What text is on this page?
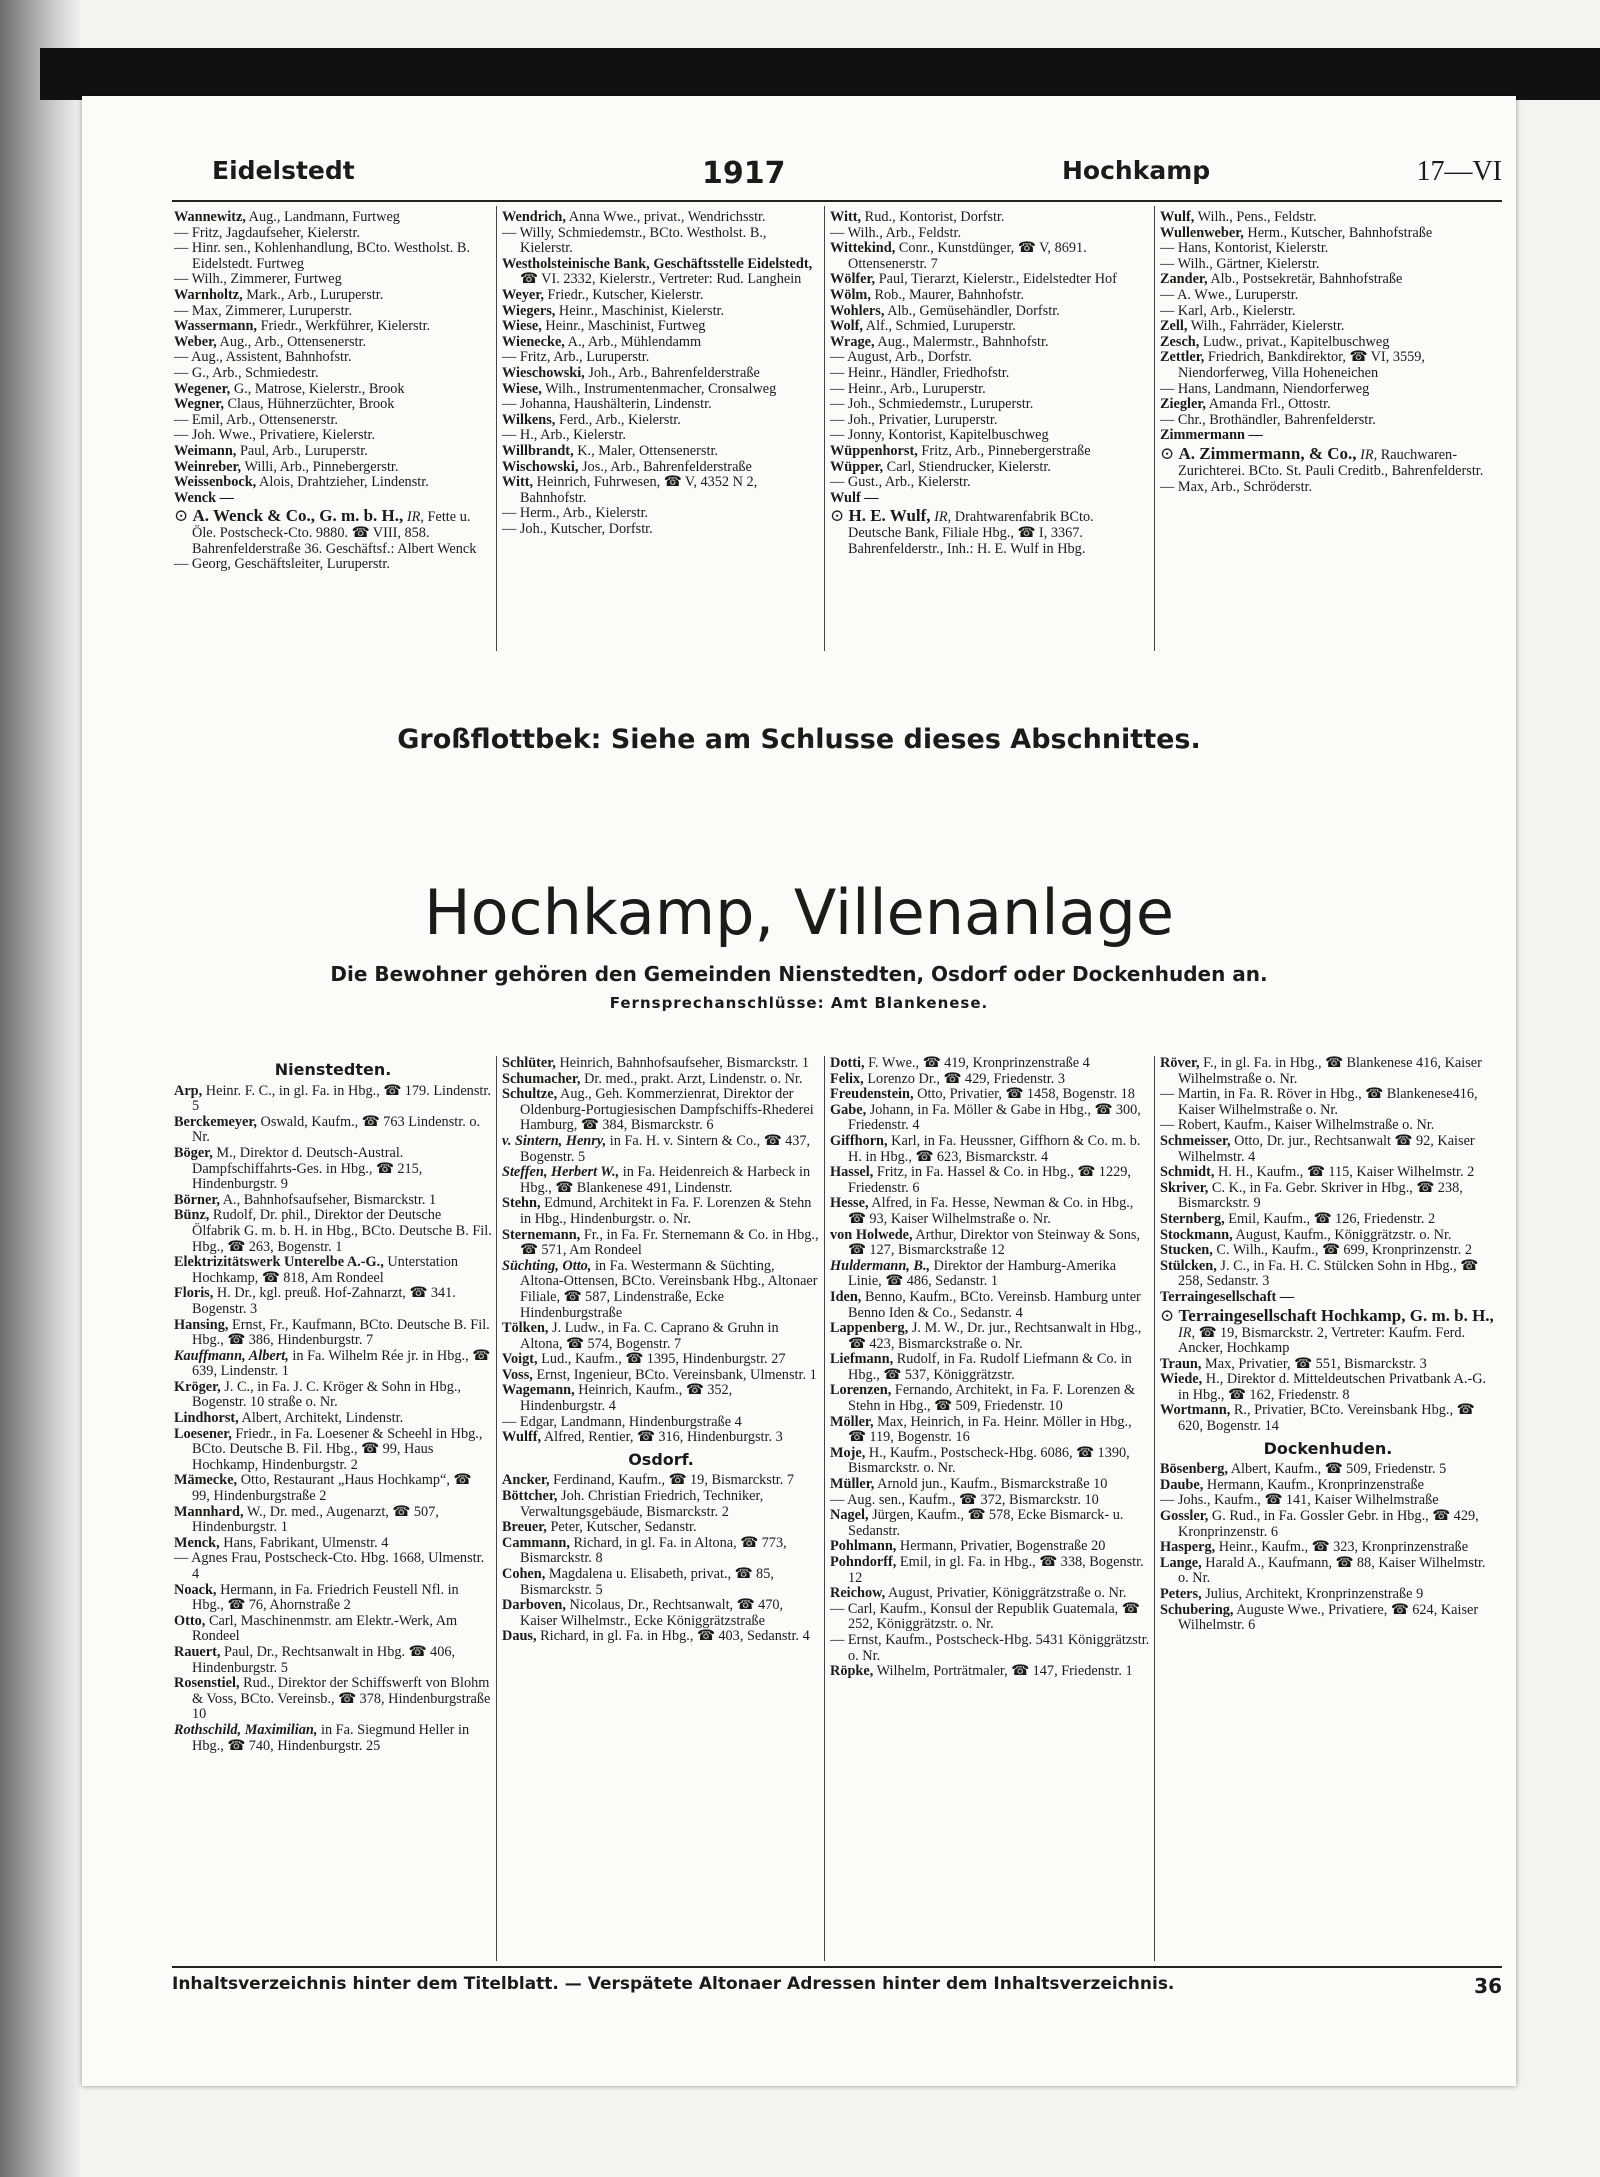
Eidelstedt	1917	Hochkamp	17—VI

Wannewitz, Aug., Landmann, Furtweg

— Fritz, Jagdaufseher, Kielerstr.

— Hinr. sen., Kohlenhandlung, BCto. Westholst. B. Eidelstedt. Furtweg

— Wilh., Zimmerer, Furtweg

Warnholtz, Mark., Arb., Luruperstr.

— Max, Zimmerer, Luruperstr.

Wassermann, Friedr., Werkführer, Kielerstr.

Weber, Aug., Arb., Ottensenerstr.

— Aug., Assistent, Bahnhofstr.

— G., Arb., Schmiedestr.

Wegener, G., Matrose, Kielerstr., Brook

Wegner, Claus, Hühnerzüchter, Brook

— Emil, Arb., Ottensenerstr.

— Joh. Wwe., Privatiere, Kielerstr.

Weimann, Paul, Arb., Luruperstr.

Weinreber, Willi, Arb., Pinnebergerstr.

Weissenbock, Alois, Drahtzieher, Lindenstr.

Wenck —

⊙ A. Wenck & Co., G. m. b. H., IR, Fette u. Öle. Postscheck-Cto. 9880. ☎ VIII, 858. Bahrenfelderstraße 36. Geschäftsf.: Albert Wenck

— Georg, Geschäftsleiter, Luruperstr.

Wendrich, Anna Wwe., privat., Wendrichsstr.

— Willy, Schmiedemstr., BCto. Westholst. B., Kielerstr.

Westholsteinische Bank, Geschäftsstelle Eidelstedt, ☎ VI. 2332, Kielerstr., Vertreter: Rud. Langhein

Weyer, Friedr., Kutscher, Kielerstr.

Wiegers, Heinr., Maschinist, Kielerstr.

Wiese, Heinr., Maschinist, Furtweg

Wienecke, A., Arb., Mühlendamm

— Fritz, Arb., Luruperstr.

Wieschowski, Joh., Arb., Bahrenfelderstraße

Wiese, Wilh., Instrumentenmacher, Cronsalweg

— Johanna, Haushälterin, Lindenstr.

Wilkens, Ferd., Arb., Kielerstr.

— H., Arb., Kielerstr.

Willbrandt, K., Maler, Ottensenerstr.

Wischowski, Jos., Arb., Bahrenfelderstraße

Witt, Heinrich, Fuhrwesen, ☎ V, 4352 N 2, Bahnhofstr.

— Herm., Arb., Kielerstr.

— Joh., Kutscher, Dorfstr.

Witt, Rud., Kontorist, Dorfstr.

— Wilh., Arb., Feldstr.

Wittekind, Conr., Kunstdünger, ☎ V, 8691. Ottensenerstr. 7

Wölfer, Paul, Tierarzt, Kielerstr., Eidelstedter Hof

Wölm, Rob., Maurer, Bahnhofstr.

Wohlers, Alb., Gemüsehändler, Dorfstr.

Wolf, Alf., Schmied, Luruperstr.

Wrage, Aug., Malermstr., Bahnhofstr.

— August, Arb., Dorfstr.

— Heinr., Händler, Friedhofstr.

— Heinr., Arb., Luruperstr.

— Joh., Schmiedemstr., Luruperstr.

— Joh., Privatier, Luruperstr.

— Jonny, Kontorist, Kapitelbuschweg

Wüppenhorst, Fritz, Arb., Pinnebergerstraße

Wüpper, Carl, Stiendrucker, Kielerstr.

— Gust., Arb., Kielerstr.

Wulf —

⊙ H. E. Wulf, IR, Drahtwarenfabrik BCto. Deutsche Bank, Filiale Hbg., ☎ I, 3367. Bahrenfelderstr., Inh.: H. E. Wulf in Hbg.

Wulf, Wilh., Pens., Feldstr.

Wullenweber, Herm., Kutscher, Bahnhofstraße

— Hans, Kontorist, Kielerstr.

— Wilh., Gärtner, Kielerstr.

Zander, Alb., Postsekretär, Bahnhofstraße

— A. Wwe., Luruperstr.

— Karl, Arb., Kielerstr.

Zell, Wilh., Fahrräder, Kielerstr.

Zesch, Ludw., privat., Kapitelbuschweg

Zettler, Friedrich, Bankdirektor, ☎ VI, 3559, Niendorferweg, Villa Hoheneichen

— Hans, Landmann, Niendorferweg

Ziegler, Amanda Frl., Ottostr.

— Chr., Brothändler, Bahrenfelderstr.

Zimmermann —

⊙ A. Zimmermann, & Co., IR, Rauchwaren-Zurichterei. BCto. St. Pauli Creditb., Bahrenfelderstr.

— Max, Arb., Schröderstr.

Großflottbek: Siehe am Schlusse dieses Abschnittes.
Hochkamp, Villenanlage
Die Bewohner gehören den Gemeinden Nienstedten, Osdorf oder Dockenhuden an.
Fernsprechanschlüsse: Amt Blankenese.

Nienstedten.

Arp, Heinr. F. C., in gl. Fa. in Hbg., ☎ 179. Lindenstr. 5

Berckemeyer, Oswald, Kaufm., ☎ 763 Lindenstr. o. Nr.

Böger, M., Direktor d. Deutsch-Austral. Dampfschiffahrts-Ges. in Hbg., ☎ 215, Hindenburgstr. 9

Börner, A., Bahnhofsaufseher, Bismarckstr. 1

Bünz, Rudolf, Dr. phil., Direktor der Deutsche Ölfabrik G. m. b. H. in Hbg., BCto. Deutsche B. Fil. Hbg., ☎ 263, Bogenstr. 1

Elektrizitätswerk Unterelbe A.-G., Unterstation Hochkamp, ☎ 818, Am Rondeel

Floris, H. Dr., kgl. preuß. Hof-Zahnarzt, ☎ 341. Bogenstr. 3

Hansing, Ernst, Fr., Kaufmann, BCto. Deutsche B. Fil. Hbg., ☎ 386, Hindenburgstr. 7

Kauffmann, Albert, in Fa. Wilhelm Rée jr. in Hbg., ☎ 639, Lindenstr. 1

Kröger, J. C., in Fa. J. C. Kröger & Sohn in Hbg., Bogenstr. 10 straße o. Nr.

Lindhorst, Albert, Architekt, Lindenstr.

Loesener, Friedr., in Fa. Loesener & Scheehl in Hbg., BCto. Deutsche B. Fil. Hbg., ☎ 99, Haus Hochkamp, Hindenburgstr. 2

Mämecke, Otto, Restaurant „Haus Hochkamp“, ☎ 99, Hindenburgstraße 2

Mannhard, W., Dr. med., Augenarzt, ☎ 507, Hindenburgstr. 1

Menck, Hans, Fabrikant, Ulmenstr. 4

— Agnes Frau, Postscheck-Cto. Hbg. 1668, Ulmenstr. 4

Noack, Hermann, in Fa. Friedrich Feustell Nfl. in Hbg., ☎ 76, Ahornstraße 2

Otto, Carl, Maschinenmstr. am Elektr.-Werk, Am Rondeel

Rauert, Paul, Dr., Rechtsanwalt in Hbg. ☎ 406, Hindenburgstr. 5

Rosenstiel, Rud., Direktor der Schiffswerft von Blohm & Voss, BCto. Vereinsb., ☎ 378, Hindenburgstraße 10

Rothschild, Maximilian, in Fa. Siegmund Heller in Hbg., ☎ 740, Hindenburgstr. 25

Schlüter, Heinrich, Bahnhofsaufseher, Bismarckstr. 1

Schumacher, Dr. med., prakt. Arzt, Lindenstr. o. Nr.

Schultze, Aug., Geh. Kommerzienrat, Direktor der Oldenburg-Portugiesischen Dampfschiffs-Rhederei Hamburg, ☎ 384, Bismarckstr. 6

v. Sintern, Henry, in Fa. H. v. Sintern & Co., ☎ 437, Bogenstr. 5

Steffen, Herbert W., in Fa. Heidenreich & Harbeck in Hbg., ☎ Blankenese 491, Lindenstr.

Stehn, Edmund, Architekt in Fa. F. Lorenzen & Stehn in Hbg., Hindenburgstr. o. Nr.

Sternemann, Fr., in Fa. Fr. Sternemann & Co. in Hbg., ☎ 571, Am Rondeel

Süchting, Otto, in Fa. Westermann & Süchting, Altona-Ottensen, BCto. Vereinsbank Hbg., Altonaer Filiale, ☎ 587, Lindenstraße, Ecke Hindenburgstraße

Tölken, J. Ludw., in Fa. C. Caprano & Gruhn in Altona, ☎ 574, Bogenstr. 7

Voigt, Lud., Kaufm., ☎ 1395, Hindenburgstr. 27

Voss, Ernst, Ingenieur, BCto. Vereinsbank, Ulmenstr. 1

Wagemann, Heinrich, Kaufm., ☎ 352, Hindenburgstr. 4

— Edgar, Landmann, Hindenburgstraße 4

Wulff, Alfred, Rentier, ☎ 316, Hindenburgstr. 3

Osdorf.

Ancker, Ferdinand, Kaufm., ☎ 19, Bismarckstr. 7

Böttcher, Joh. Christian Friedrich, Techniker, Verwaltungsgebäude, Bismarckstr. 2

Breuer, Peter, Kutscher, Sedanstr.

Cammann, Richard, in gl. Fa. in Altona, ☎ 773, Bismarckstr. 8

Cohen, Magdalena u. Elisabeth, privat., ☎ 85, Bismarckstr. 5

Darboven, Nicolaus, Dr., Rechtsanwalt, ☎ 470, Kaiser Wilhelmstr., Ecke Königgrätzstraße

Daus, Richard, in gl. Fa. in Hbg., ☎ 403, Sedanstr. 4

Dotti, F. Wwe., ☎ 419, Kronprinzenstraße 4

Felix, Lorenzo Dr., ☎ 429, Friedenstr. 3

Freudenstein, Otto, Privatier, ☎ 1458, Bogenstr. 18

Gabe, Johann, in Fa. Möller & Gabe in Hbg., ☎ 300, Friedenstr. 4

Giffhorn, Karl, in Fa. Heussner, Giffhorn & Co. m. b. H. in Hbg., ☎ 623, Bismarckstr. 4

Hassel, Fritz, in Fa. Hassel & Co. in Hbg., ☎ 1229, Friedenstr. 6

Hesse, Alfred, in Fa. Hesse, Newman & Co. in Hbg., ☎ 93, Kaiser Wilhelmstraße o. Nr.

von Holwede, Arthur, Direktor von Steinway & Sons, ☎ 127, Bismarckstraße 12

Huldermann, B., Direktor der Hamburg-Amerika Linie, ☎ 486, Sedanstr. 1

Iden, Benno, Kaufm., BCto. Vereinsb. Hamburg unter Benno Iden & Co., Sedanstr. 4

Lappenberg, J. M. W., Dr. jur., Rechtsanwalt in Hbg., ☎ 423, Bismarckstraße o. Nr.

Liefmann, Rudolf, in Fa. Rudolf Liefmann & Co. in Hbg., ☎ 537, Königgrätzstr.

Lorenzen, Fernando, Architekt, in Fa. F. Lorenzen & Stehn in Hbg., ☎ 509, Friedenstr. 10

Möller, Max, Heinrich, in Fa. Heinr. Möller in Hbg., ☎ 119, Bogenstr. 16

Moje, H., Kaufm., Postscheck-Hbg. 6086, ☎ 1390, Bismarckstr. o. Nr.

Müller, Arnold jun., Kaufm., Bismarckstraße 10

— Aug. sen., Kaufm., ☎ 372, Bismarckstr. 10

Nagel, Jürgen, Kaufm., ☎ 578, Ecke Bismarck- u. Sedanstr.

Pohlmann, Hermann, Privatier, Bogenstraße 20

Pohndorff, Emil, in gl. Fa. in Hbg., ☎ 338, Bogenstr. 12

Reichow, August, Privatier, Königgrätzstraße o. Nr.

— Carl, Kaufm., Konsul der Republik Guatemala, ☎ 252, Königgrätzstr. o. Nr.

— Ernst, Kaufm., Postscheck-Hbg. 5431 Königgrätzstr. o. Nr.

Röpke, Wilhelm, Porträtmaler, ☎ 147, Friedenstr. 1

Röver, F., in gl. Fa. in Hbg., ☎ Blankenese 416, Kaiser Wilhelmstraße o. Nr.

— Martin, in Fa. R. Röver in Hbg., ☎ Blankenese416, Kaiser Wilhelmstraße o. Nr.

— Robert, Kaufm., Kaiser Wilhelmstraße o. Nr.

Schmeisser, Otto, Dr. jur., Rechtsanwalt ☎ 92, Kaiser Wilhelmstr. 4

Schmidt, H. H., Kaufm., ☎ 115, Kaiser Wilhelmstr. 2

Skriver, C. K., in Fa. Gebr. Skriver in Hbg., ☎ 238, Bismarckstr. 9

Sternberg, Emil, Kaufm., ☎ 126, Friedenstr. 2

Stockmann, August, Kaufm., Königgrätzstr. o. Nr.

Stucken, C. Wilh., Kaufm., ☎ 699, Kronprinzenstr. 2

Stülcken, J. C., in Fa. H. C. Stülcken Sohn in Hbg., ☎ 258, Sedanstr. 3

Terraingesellschaft —

⊙ Terraingesellschaft Hochkamp, G. m. b. H., IR, ☎ 19, Bismarckstr. 2, Vertreter: Kaufm. Ferd. Ancker, Hochkamp

Traun, Max, Privatier, ☎ 551, Bismarckstr. 3

Wiede, H., Direktor d. Mitteldeutschen Privatbank A.-G. in Hbg., ☎ 162, Friedenstr. 8

Wortmann, R., Privatier, BCto. Vereinsbank Hbg., ☎ 620, Bogenstr. 14

Dockenhuden.

Bösenberg, Albert, Kaufm., ☎ 509, Friedenstr. 5

Daube, Hermann, Kaufm., Kronprinzenstraße

— Johs., Kaufm., ☎ 141, Kaiser Wilhelmstraße

Gossler, G. Rud., in Fa. Gossler Gebr. in Hbg., ☎ 429, Kronprinzenstr. 6

Hasperg, Heinr., Kaufm., ☎ 323, Kronprinzenstraße

Lange, Harald A., Kaufmann, ☎ 88, Kaiser Wilhelmstr. o. Nr.

Peters, Julius, Architekt, Kronprinzenstraße 9

Schubering, Auguste Wwe., Privatiere, ☎ 624, Kaiser Wilhelmstr. 6

Inhaltsverzeichnis hinter dem Titelblatt. — Verspätete Altonaer Adressen hinter dem Inhaltsverzeichnis.	36
